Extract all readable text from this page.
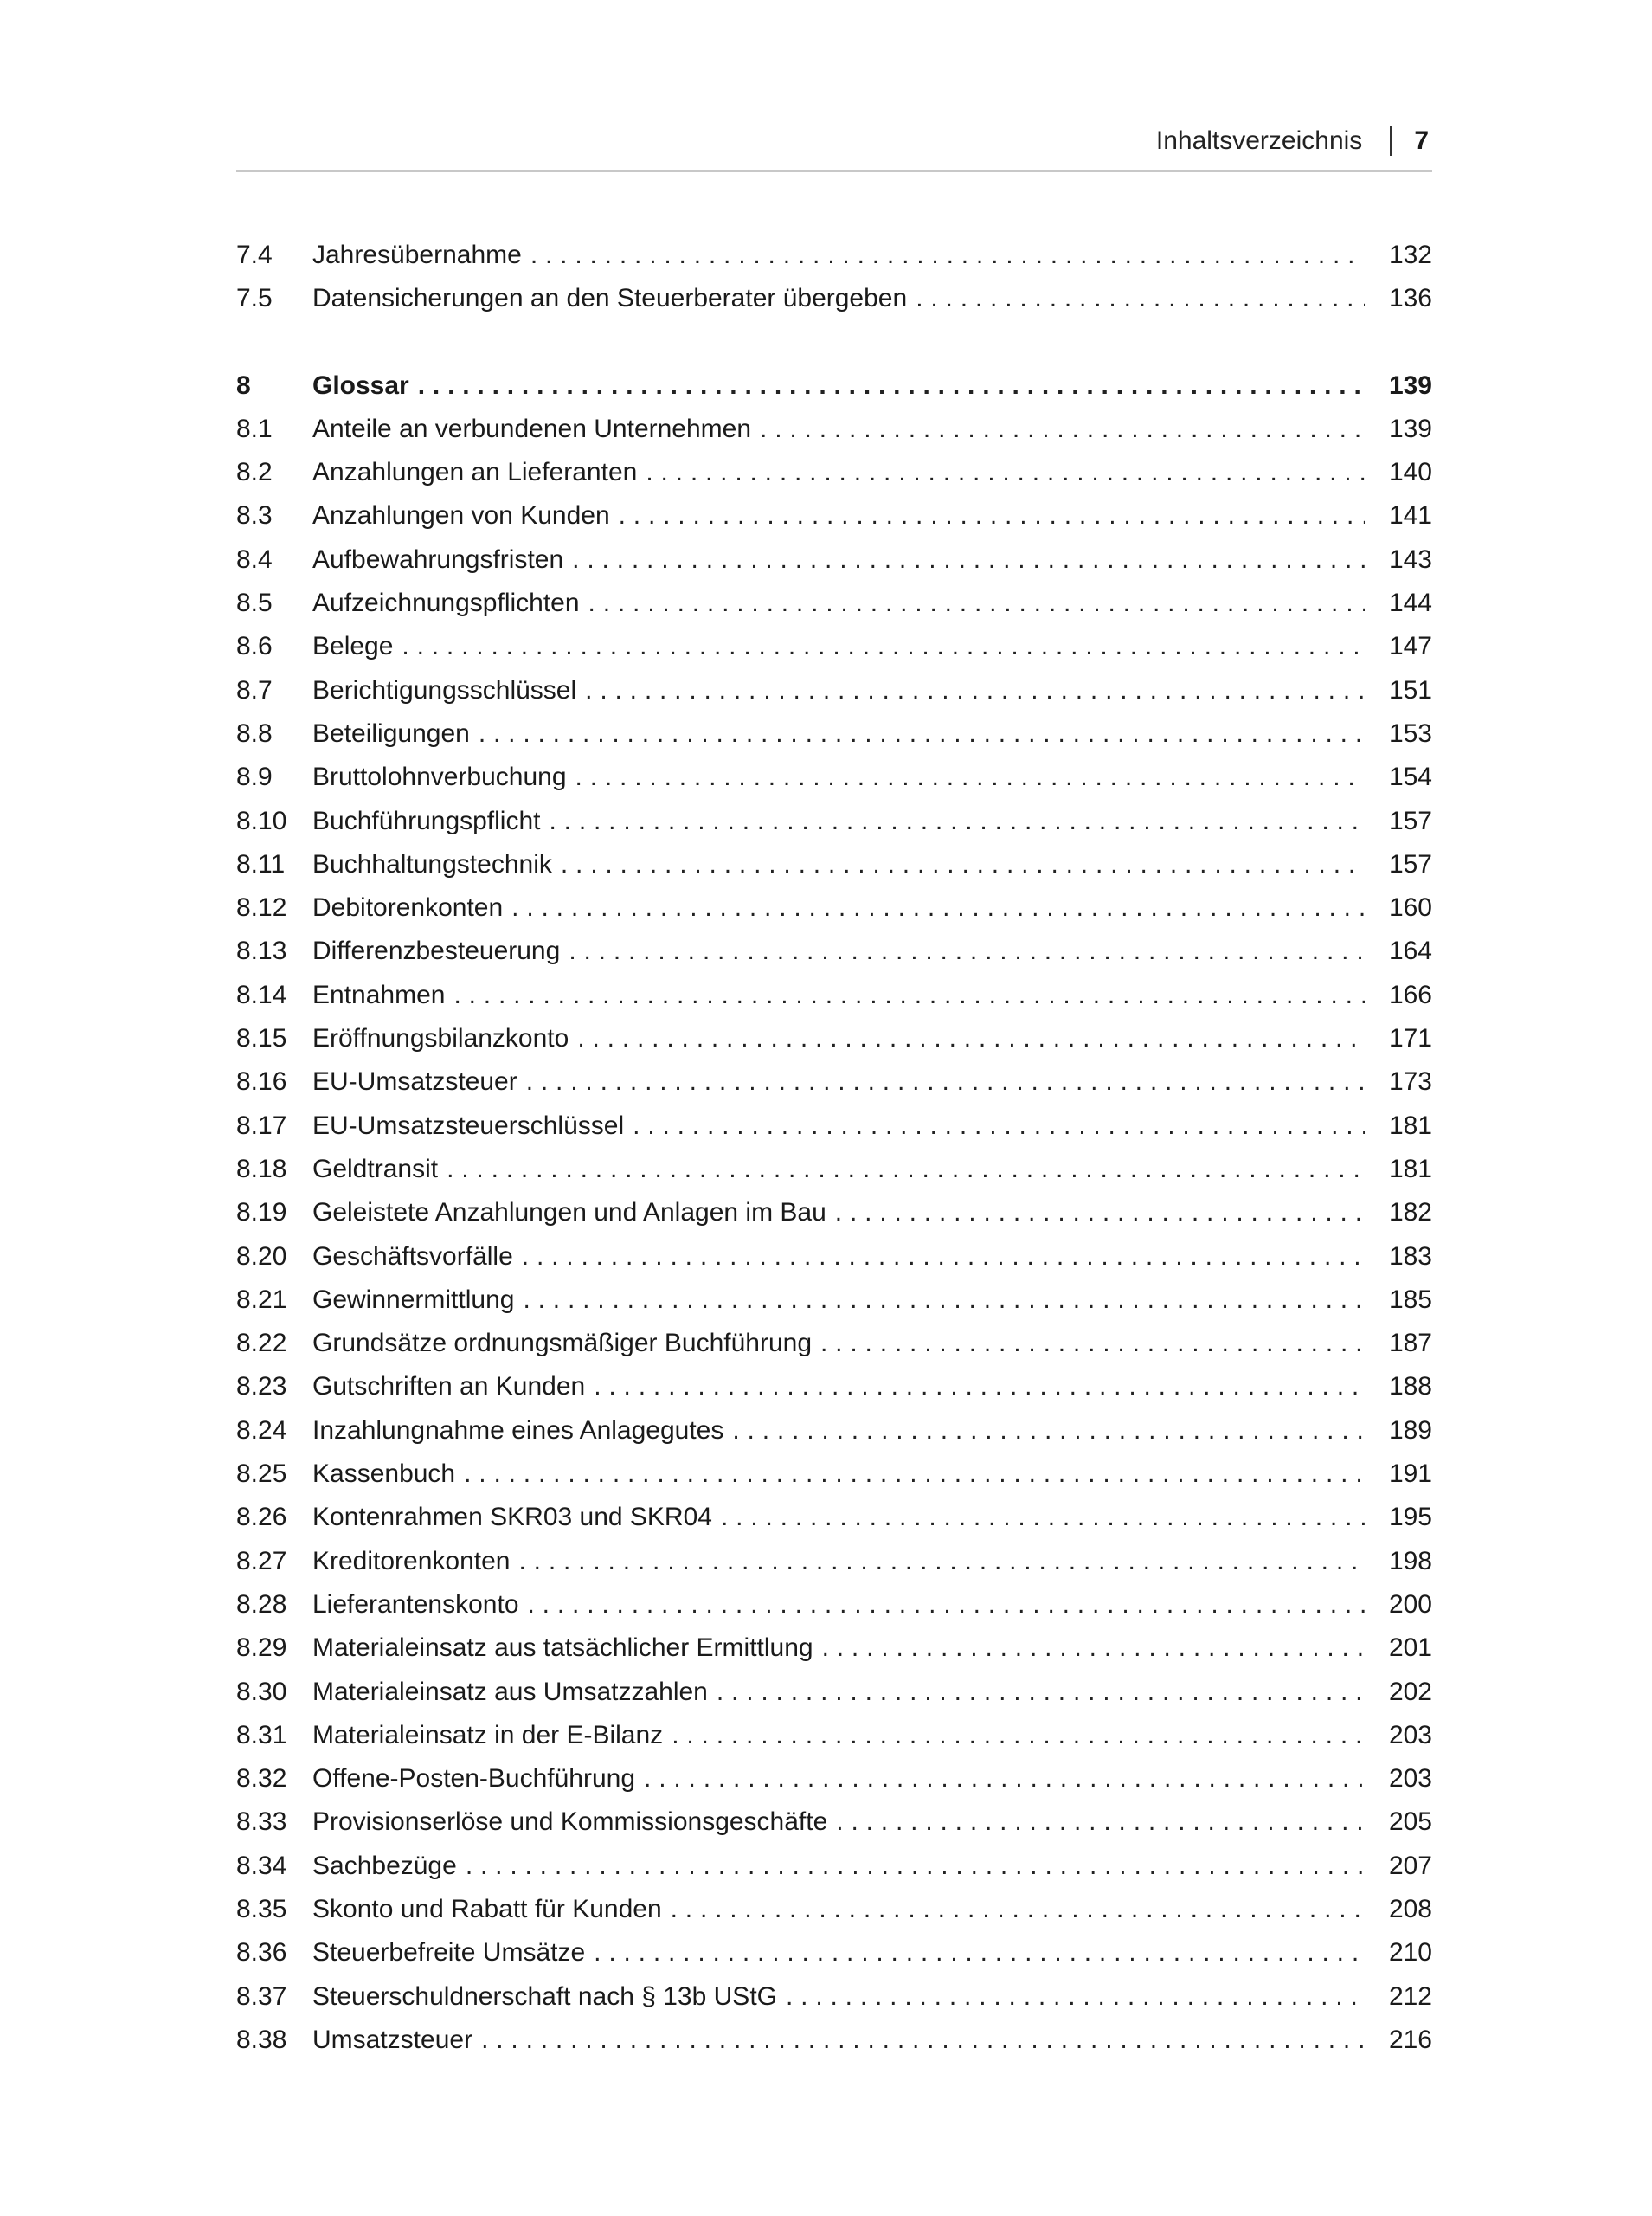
Inhaltsverzeichnis 7
7.4	Jahresübernahme . . .	132
7.5	Datensicherungen an den Steuerberater übergeben . . .	136
8	Glossar . . .	139
8.1	Anteile an verbundenen Unternehmen . . .	139
8.2	Anzahlungen an Lieferanten . . .	140
8.3	Anzahlungen von Kunden . . .	141
8.4	Aufbewahrungsfristen . . .	143
8.5	Aufzeichnungspflichten . . .	144
8.6	Belege . . .	147
8.7	Berichtigungsschlüssel . . .	151
8.8	Beteiligungen . . .	153
8.9	Bruttolohnverbuchung . . .	154
8.10 Buchführungspflicht . . .	157
8.11	Buchhaltungstechnik . . .	157
8.12 Debitorenkonten . . .	160
8.13 Differenzbesteuerung . . .	164
8.14 Entnahmen . . .	166
8.15 Eröffnungsbilanzkonto . . .	171
8.16 EU-Umsatzsteuer . . .	173
8.17 EU-Umsatzsteuerschlüssel . . .	181
8.18 Geldtransit . . .	181
8.19 Geleistete Anzahlungen und Anlagen im Bau . . .	182
8.20 Geschäftsvorfälle . . .	183
8.21 Gewinnermittlung . . .	185
8.22 Grundsätze ordnungsmäßiger Buchführung . . .	187
8.23 Gutschriften an Kunden . . .	188
8.24 Inzahlungnahme eines Anlagegutes . . .	189
8.25 Kassenbuch . . .	191
8.26 Kontenrahmen SKR03 und SKR04 . . .	195
8.27 Kreditorenkonten . . .	198
8.28 Lieferantenskonto . . .	200
8.29 Materialeinsatz aus tatsächlicher Ermittlung . . .	201
8.30 Materialeinsatz aus Umsatzzahlen . . .	202
8.31 Materialeinsatz in der E-Bilanz . . .	203
8.32 Offene-Posten-Buchführung . . .	203
8.33 Provisionserlöse und Kommissionsgeschäfte . . .	205
8.34 Sachbezüge . . .	207
8.35 Skonto und Rabatt für Kunden . . .	208
8.36 Steuerbefreite Umsätze . . .	210
8.37 Steuerschuldnerschaft nach § 13b UStG . . .	212
8.38 Umsatzsteuer . . .	216
